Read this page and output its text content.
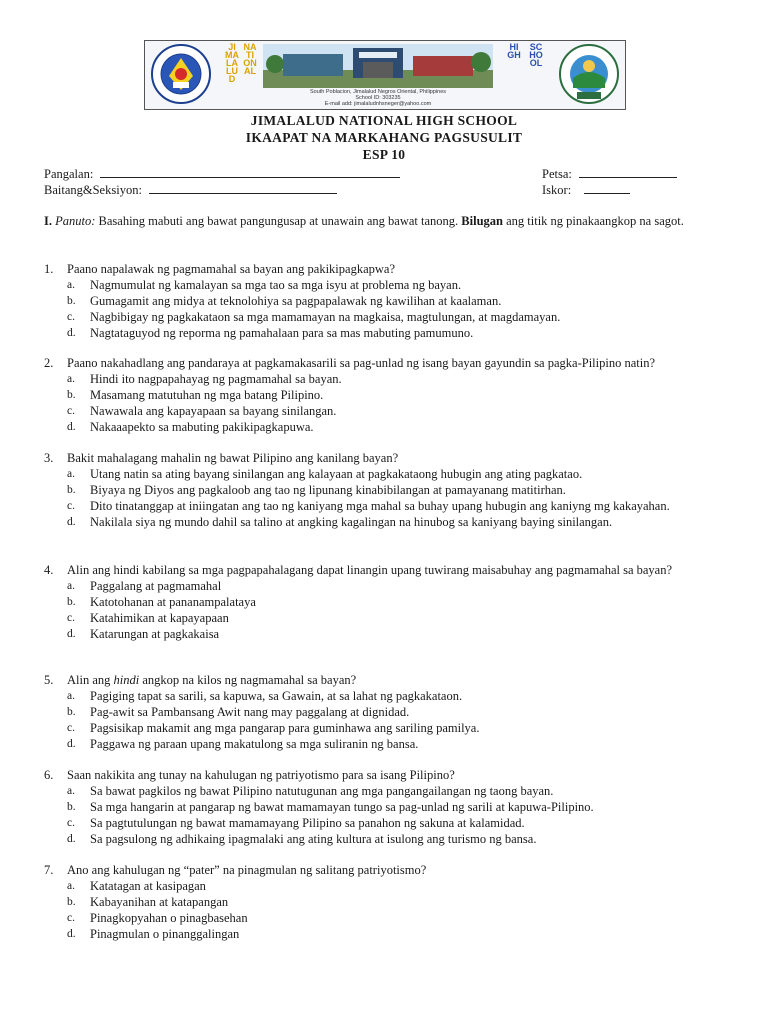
JIMALALUD
NATIONAL
South Poblacion, Jimalalud Negros Oriental, Philippines
School ID: 303235
E-mail add: jimalaludnhsneger@yahoo.com
HIGH
SCHOOL
JIMALALUD NATIONAL HIGH SCHOOL
IKAAPAT NA MARKAHANG PAGSUSULIT
ESP 10
Pangalan:	Petsa:
Baitang&Seksiyon:	Iskor:
I. Panuto: Basahing mabuti ang bawat pangungusap at unawain ang bawat tanong. Bilugan ang titik ng pinakaangkop na sagot.
1. Paano napalawak ng pagmamahal sa bayan ang pakikipagkapwa?
a. Nagmumulat ng kamalayan sa mga tao sa mga isyu at problema ng bayan.
b. Gumagamit ang midya at teknolohiya sa pagpapalawak ng kawilihan at kaalaman.
c. Nagbibigay ng pagkakataon sa mga mamamayan na magkaisa, magtulungan, at magdamayan.
d. Nagtataguyod ng reporma ng pamahalaan para sa mas mabuting pamumuno.
2. Paano nakahadlang ang pandaraya at pagkamakasarili sa pag-unlad ng isang bayan gayundin sa pagka-Pilipino natin?
a. Hindi ito nagpapahayag ng pagmamahal sa bayan.
b. Masamang matutuhan ng mga batang Pilipino.
c. Nawawala ang kapayapaan sa bayang sinilangan.
d. Nakaaapekto sa mabuting pakikipagkapuwa.
3. Bakit mahalagang mahalin ng bawat Pilipino ang kanilang bayan?
a. Utang natin sa ating bayang sinilangan ang kalayaan at pagkakataong hubugin ang ating pagkatao.
b. Biyaya ng Diyos ang pagkaloob ang tao ng lipunang kinabibilangan at pamayanang matitirhan.
c. Dito tinatanggap at iniingatan ang tao ng kaniyang mga mahal sa buhay upang hubugin ang kaniyng mg kakayahan.
d. Nakilala siya ng mundo dahil sa talino at angking kagalingan na hinubog sa kaniyang baying sinilangan.
4. Alin ang hindi kabilang sa mga pagpapahalagang dapat linangin upang tuwirang maisabuhay ang pagmamahal sa bayan?
a. Paggalang at pagmamahal
b. Katotohanan at pananampalataya
c. Katahimikan at kapayapaan
d. Katarungan at pagkakaisa
5. Alin ang hindi angkop na kilos ng nagmamahal sa bayan?
a. Pagiging tapat sa sarili, sa kapuwa, sa Gawain, at sa lahat ng pagkakataon.
b. Pag-awit sa Pambansang Awit nang may paggalang at dignidad.
c. Pagsisikap makamit ang mga pangarap para guminhawa ang sariling pamilya.
d. Paggawa ng paraan upang makatulong sa mga suliranin ng bansa.
6. Saan nakikita ang tunay na kahulugan ng patriyotismo para sa isang Pilipino?
a. Sa bawat pagkilos ng bawat Pilipino natutugunan ang mga pangangailangan ng taong bayan.
b. Sa mga hangarin at pangarap ng bawat mamamayan tungo sa pag-unlad ng sarili at kapuwa-Pilipino.
c. Sa pagtutulungan ng bawat mamamayang Pilipino sa panahon ng sakuna at kalamidad.
d. Sa pagsulong ng adhikaing ipagmalaki ang ating kultura at isulong ang turismo ng bansa.
7. Ano ang kahulugan ng “pater” na pinagmulan ng salitang patriyotismo?
a. Katatagan at kasipagan
b. Kabayanihan at katapangan
c. Pinagkopyahan o pinagbasehan
d. Pinagmulan o pinanggalingan
